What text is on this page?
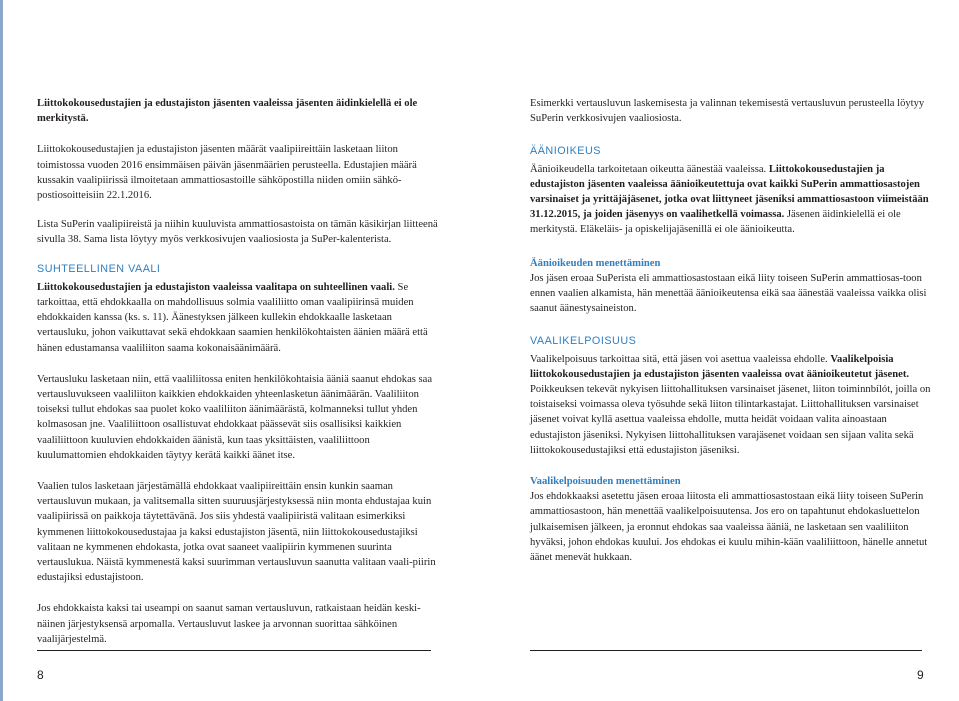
Liittokokousedustajien ja edustajiston jäsenten vaaleissa jäsenten äidinkielellä ei ole merkitystä.

Liittokokousedustajien ja edustajiston jäsenten määrät vaalipiireittäin lasketaan liiton toimistossa vuoden 2016 ensimmäisen päivän jäsenmäärien perusteella. Edustajien määrä kussakin vaalipiirissä ilmoitetaan ammattiosastoille sähköpostilla niiden omiin sähkö-postiosoitteisiin 22.1.2016.

Lista SuPerin vaalipiireistä ja niihin kuuluvista ammattiosastoista on tämän käsikirjan liitteenä sivulla 38. Sama lista löytyy myös verkkosivujen vaaliosiosta ja SuPer-kalenterista.

SUHTEELLINEN VAALI

Liittokokousedustajien ja edustajiston vaaleissa vaalitapa on suhteellinen vaali. Se tarkoittaa, että ehdokkaalla on mahdollisuus solmia vaaliliitto oman vaalipiirinsä muiden ehdokkaiden kanssa (ks. s. 11). Äänestyksen jälkeen kullekin ehdokkaalle lasketaan vertausluku, johon vaikuttavat sekä ehdokkaan saamien henkilökohtaisten äänien määrä että hänen edustamansa vaaliliiton saama kokonaisäänimäärä.

Vertausluku lasketaan niin, että vaaliliitossa eniten henkilökohtaisia ääniä saanut ehdokas saa vertausluvukseen vaaliliiton kaikkien ehdokkaiden yhteenlasketun äänimäärän. Vaaliliiton toiseksi tullut ehdokas saa puolet koko vaaliliiton äänimäärästä, kolmanneksi tullut yhden kolmasosan jne. Vaaliliittoon osallistuvat ehdokkaat päässevät siis osallisiksi kaikkien vaaliliittoon kuuluvien ehdokkaiden äänistä, kun taas yksittäisten, vaaliliittoon kuulumattomien ehdokkaiden täytyy kerätä kaikki äänet itse.

Vaalien tulos lasketaan järjestämällä ehdokkaat vaalipiireittäin ensin kunkin saaman vertausluvun mukaan, ja valitsemalla sitten suuruusjärjestyksessä niin monta ehdustajaa kuin vaalipiirissä on paikkoja täytettävänä. Jos siis yhdestä vaalipiiristä valitaan esimerkiksi kymmenen liittokokousedustajaa ja kaksi edustajiston jäsentä, niin liittokokousedustajiksi valitaan ne kymmenen ehdokasta, jotka ovat saaneet vaalipiirin kymmenen suurinta vertauslukua. Näistä kymmenestä kaksi suurimman vertausluvun saanutta valitaan vaali-piirin edustajiksi edustajistoon.

Jos ehdokkaista kaksi tai useampi on saanut saman vertausluvun, ratkaistaan heidän keski-näinen järjestyksensä arpomalla. Vertausluvut laskee ja arvonnan suorittaa sähköinen vaalijärjestelmä.

Esimerkki vertausluvun laskemisesta ja valinnan tekemisestä vertausluvun perusteella löytyy SuPerin verkkosivujen vaaliosiosta.

ÄÄNIOIKEUS

Äänioikeudella tarkoitetaan oikeutta äänestää vaaleissa. Liittokokousedustajien ja edustajiston jäsenten vaaleissa äänioikeutettuja ovat kaikki SuPerin ammattiosastojen varsinaiset ja yrittäjäjäsenet, jotka ovat liittyneet jäseniksi ammattiosastoon viimeistään 31.12.2015, ja joiden jäsenyys on vaalihetkellä voimassa. Jäsenen äidinkielellä ei ole merkitystä. Eläkeläis- ja opiskelijajäsenillä ei ole äänioikeutta.

Äänioikeuden menettäminen

Jos jäsen eroaa SuPerista eli ammattiosastostaan eikä liity toiseen SuPerin ammattiosas-toon ennen vaalien alkamista, hän menettää äänioikeutensa eikä saa äänestää vaaleissa vaikka olisi saanut äänestysaineiston.

VAALIKELPOISUUS

Vaalikelpoisuus tarkoittaa sitä, että jäsen voi asettua vaaleissa ehdolle. Vaalikelpoisia liittokokousedustajien ja edustajiston jäsenten vaaleissa ovat äänioikeutetut jäsenet. Poikkeuksen tekevät nykyisen liittohallituksen varsinaiset jäsenet, liiton toiminnbílót, joilla on toistaiseksi voimassa oleva työsuhde sekä liiton tilintarkastajat. Liittohallituksen varsinaiset jäsenet voivat kyllä asettua vaaleissa ehdolle, mutta heidät voidaan valita ainoastaan edustajiston jäseniksi. Nykyisen liittohallituksen varajäsenet voidaan sen sijaan valita sekä liittokokousedustajiksi että edustajiston jäseniksi.

Vaalikelpoisuuden menettäminen

Jos ehdokkaaksi asetettu jäsen eroaa liitosta eli ammattiosastostaan eikä liity toiseen SuPerin ammattiosastoon, hän menettää vaalikelpoisuutensa. Jos ero on tapahtunut ehdokasluettelon julkaisemisen jälkeen, ja eronnut ehdokas saa vaaleissa ääniä, ne lasketaan sen vaaliliiton hyväksi, johon ehdokas kuului. Jos ehdokas ei kuulu mihin-kään vaaliliittoon, hänelle annetut äänet menevät hukkaan.

8	9
